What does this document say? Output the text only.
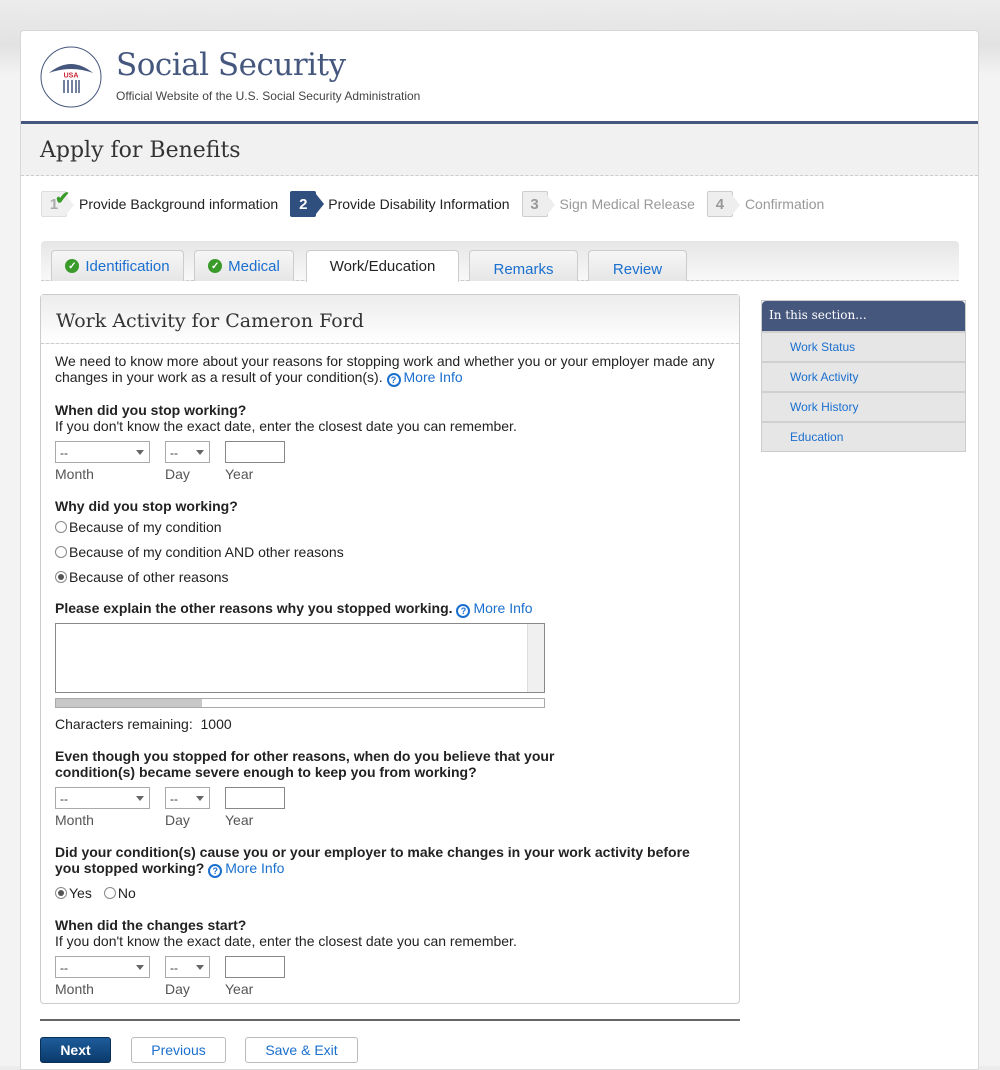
USA Social Security
Official Website of the U.S. Social Security Administration
Apply for Benefits
1
✔ Provide Background information	2	Provide Disability Information	3	Sign Medical Release	4	Confirmation
✓ Identification	✓ Medical	Work/Education	Remarks	Review
Work Activity for Cameron Ford
We need to know more about your reasons for stopping work and whether you or your employer made any changes in your work as a result of your condition(s). ? More Info
When did you stop working?
If you don't know the exact date, enter the closest date you can remember.
--
Month
--
Day	Year
Why did you stop working?
Because of my condition
Because of my condition AND other reasons
Because of other reasons
Please explain the other reasons why you stopped working. ? More Info
Characters remaining: 1000
Even though you stopped for other reasons, when do you believe that your
condition(s) became severe enough to keep you from working?
--
Month
--
Day	Year
Did your condition(s) cause you or your employer to make changes in your work activity before
you stopped working? ? More Info
Yes No
When did the changes start?
If you don't know the exact date, enter the closest date you can remember.
--
Month
--
Day	Year
In this section...
Work Status
Work Activity
Work History
Education
Next	Previous	Save & Exit
